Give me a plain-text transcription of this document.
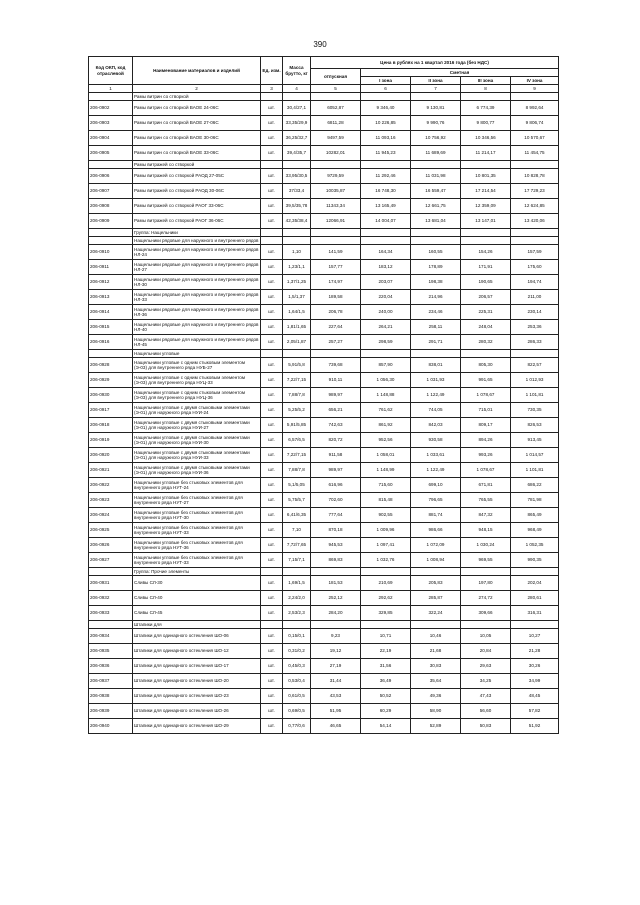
390
Код ОКП, код отраслевой	Наименование материалов и изделий	Ед. изм.	Масса брутто, кг	Цена в рублях на 1 квартал 2016 года (без НДС)				
				отпускная	Сметная			
					I зона	II зона	III зона	IV зона
1	2	3	4	5	6	7	8	9
	Рамы витрин со створкой							
206-0902	Рамы витрин со створкой ВАОЕ 24-06С	шт.	30,4/27,1	6052,87	9 346,40	9 130,81	6 774,39	8 992,64
206-0903	Рамы витрин со створкой ВАОЕ 27-06С	шт.	33,35/29,9	6811,28	10 226,85	9 990,76	9 800,77	9 806,74
206-0904	Рамы витрин со створкой ВАОЕ 30-06С	шт.	36,25/32,7	9497,59	11 093,16	10 756,92	10 346,56	10 570,67
206-0905	Рамы витрин со створкой ВАОЕ 33-06С	шт.	39,4/35,7	10282,01	11 945,23	11 689,69	11 214,17	11 454,75
	Рамы витражей со створкой							
206-0906	Рамы витражей со створкой РАОД 27-05С	шт.	33,95/30,5	9729,59	11 292,46	11 031,98	10 801,35	10 828,78
206-0907	Рамы витражей со створкой РАОД 30-06С	шт.	37/33,4	10035,87	16 748,30	16 559,47	17 214,54	17 729,23
206-0908	Рамы витражей со створкой РАОГ 33-06С	шт.	39,5/35,78	11343,34	13 165,49	12 661,75	12 359,09	12 624,85
206-0909	Рамы витражей со створкой РАОГ 36-06С	шт.	42,35/38,4	12066,91	14 004,07	13 681,04	13 147,01	13 420,06
	Группа: Нащельники							
	Нащельники рядовые для наружного и внутреннего рядов							
206-0910	Нащельники рядовые для наружного и внутреннего рядов НЛ-24	шт.	1,10	141,59	164,34	160,55	154,26	157,59
206-0911	Нащельники рядовые для наружного и внутреннего рядов НЛ-27	шт.	1,23/1,1	157,77	183,12	178,89	171,91	175,60
206-0912	Нащельники рядовые для наружного и внутреннего рядов НЛ-30	шт.	1,37/1,25	174,97	203,07	198,38	190,65	194,74
206-0913	Нащельники рядовые для наружного и внутреннего рядов НЛ-33	шт.	1,5/1,37	189,58	220,04	214,96	206,57	211,00
206-0914	Нащельники рядовые для наружного и внутреннего рядов НЛ-36	шт.	1,64/1,5	206,78	240,00	234,46	225,31	230,14
206-0915	Нащельники рядовые для наружного и внутреннего рядов НЛ-40	шт.	1,81/1,65	227,64	264,21	258,11	248,04	253,36
206-0916	Нащельники рядовые для наружного и внутреннего рядов НЛ-45	шт.	2,05/1,87	257,27	298,59	291,71	280,32	286,33
	Нащельники угловые							
206-0928	Нащельники угловые с одним стыковым элементом (Э-03) для внутреннего ряда НУБ-27	шт.	5,91/5,8	739,68	857,90	838,01	805,30	822,57
206-0929	Нащельники угловые с одним стыковым элементом (Э-03) для внутреннего ряда НУЦ-33	шт.	7,22/7,15	910,11	1 056,30	1 031,93	991,65	1 012,93
206-0930	Нащельники угловые с одним стыковым элементом (Э-03) для внутреннего ряда НУЦ-36	шт.	7,88/7,8	989,97	1 148,88	1 122,49	1 078,67	1 101,81
206-0917	Нащельники угловые с двумя стыковыми элементами (Э-01) для наружного ряда НУИ-24	шт.	5,25/5,2	656,21	761,62	744,05	715,01	730,35
206-0918	Нащельники угловые с двумя стыковыми элементами (Э-01) для наружного ряда НУИ-27	шт.	5,91/5,85	742,63	861,92	842,03	809,17	826,53
206-0919	Нащельники угловые с двумя стыковыми элементами (Э-01) для наружного ряда НУИ-30	шт.	6,57/6,5	820,72	952,56	930,58	894,26	913,45
206-0920	Нащельники угловые с двумя стыковыми элементами (Э-01) для наружного ряда НУИ-33	шт.	7,22/7,15	911,58	1 058,01	1 033,61	993,26	1 014,57
206-0921	Нащельники угловые с двумя стыковыми элементами (Э-01) для наружного ряда НУИ-36	шт.	7,88/7,8	989,97	1 148,99	1 122,49	1 078,67	1 101,81
206-0922	Нащельники угловые без стыковых элементов для внутреннего ряда НУТ-24	шт.	5,1/5,05	616,96	715,60	699,10	671,81	686,22
206-0923	Нащельники угловые без стыковых элементов для внутреннего ряда НУТ-27	шт.	5,75/5,7	702,60	815,48	796,65	765,55	781,98
206-0924	Нащельники угловые без стыковых элементов для внутреннего ряда НУТ-30	шт.	6,41/6,35	777,64	902,55	881,74	847,32	865,49
206-0925	Нащельники угловые без стыковых элементов для внутреннего ряда НУТ-33	шт.	7,10	870,18	1 009,96	986,66	948,15	968,49
206-0926	Нащельники угловые без стыковых элементов для внутреннего ряда НУТ-36	шт.	7,72/7,65	945,53	1 097,41	1 072,09	1 030,24	1 052,35
206-0927	Нащельники угловые без стыковых элементов для внутреннего ряда НУТ-33	шт.	7,15/7,1	869,83	1 032,76	1 008,94	969,55	990,35
	Группа: Прочие элементы							
206-0931	Сливы СЛ-30	шт.	1,69/1,5	181,53	210,69	205,83	197,80	202,04
206-0932	Сливы СЛ-40	шт.	2,24/2,0	252,12	292,62	285,87	274,72	280,61
206-0933	Сливы СЛ-45	шт.	2,53/2,3	284,20	329,85	322,24	309,66	316,31
	Штапики для							
206-0934	Штапики для одинарного остекления ШО-06	шт.	0,15/0,1	9,23	10,71	10,46	10,05	10,27
206-0935	Штапики для одинарного остекления ШО-12	шт.	0,31/0,2	19,12	22,19	21,68	20,84	21,28
206-0936	Штапики для одинарного остекления ШО-17	шт.	0,45/0,3	27,19	31,56	30,83	29,63	30,26
206-0937	Штапики для одинарного остекления ШО-20	шт.	0,53/0,4	31,44	36,49	35,64	34,25	34,99
206-0938	Штапики для одинарного остекления ШО-23	шт.	0,61/0,5	43,53	50,52	49,36	47,43	48,45
206-0939	Штапики для одинарного остекления ШО-26	шт.	0,69/0,5	51,95	60,29	58,90	56,60	57,82
206-0940	Штапики для одинарного остекления ШО-29	шт.	0,77/0,6	46,65	54,14	52,89	50,83	51,92
